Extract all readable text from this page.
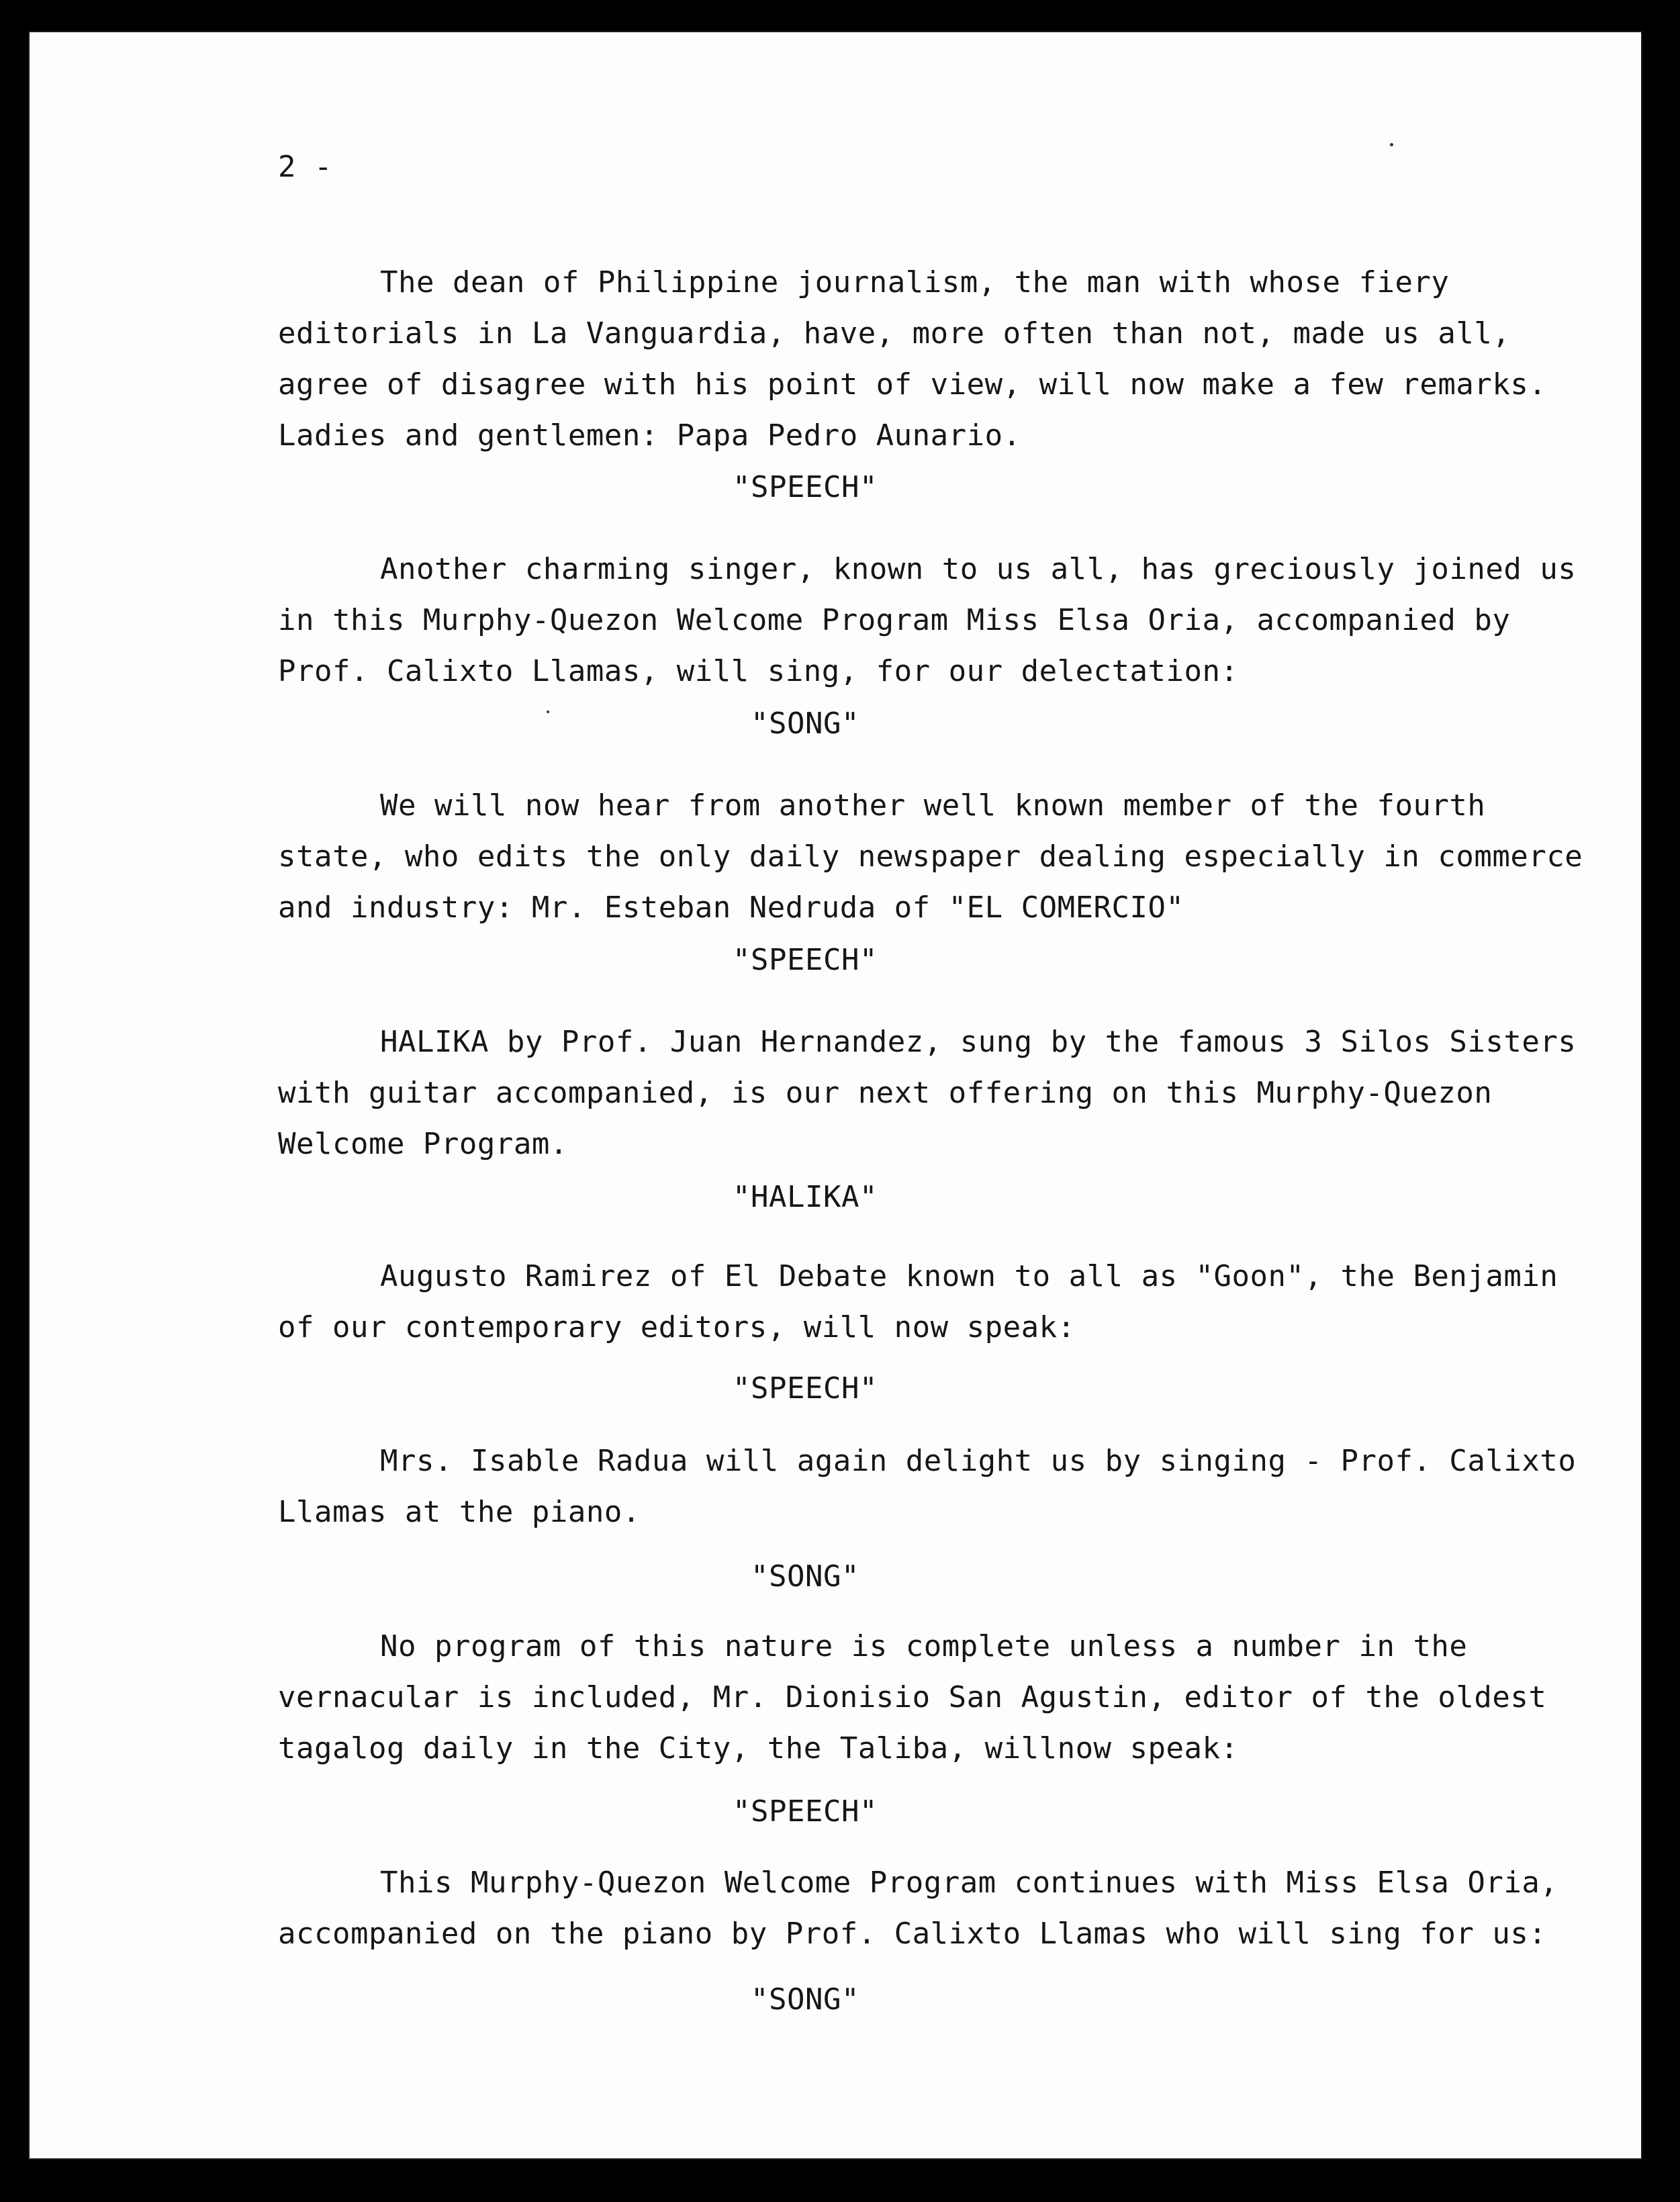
2 -

The dean of Philippine journalism, the man with whose fiery editorials in La Vanguardia, have, more often than not, made us all, agree of disagree with his point of view, will now make a few remarks. Ladies and gentlemen: Papa Pedro Aunario.

"SPEECH"

Another charming singer, known to us all, has greciously joined us in this Murphy-Quezon Welcome Program Miss Elsa Oria, accompanied by Prof. Calixto Llamas, will sing, for our delectation:

"SONG"

We will now hear from another well known member of the fourth state, who edits the only daily newspaper dealing especially in commerce and industry: Mr. Esteban Nedruda of "EL COMERCIO"

"SPEECH"

HALIKA by Prof. Juan Hernandez, sung by the famous 3 Silos Sisters with guitar accompanied, is our next offering on this Murphy-Quezon Welcome Program.

"HALIKA"

Augusto Ramirez of El Debate known to all as "Goon", the Benjamin of our contemporary editors, will now speak:

"SPEECH"

Mrs. Isable Radua will again delight us by singing - Prof. Calixto Llamas at the piano.

"SONG"

No program of this nature is complete unless a number in the vernacular is included, Mr. Dionisio San Agustin, editor of the oldest tagalog daily in the City, the Taliba, willnow speak:

"SPEECH"

This Murphy-Quezon Welcome Program continues with Miss Elsa Oria, accompanied on the piano by Prof. Calixto Llamas who will sing for us:

"SONG"
